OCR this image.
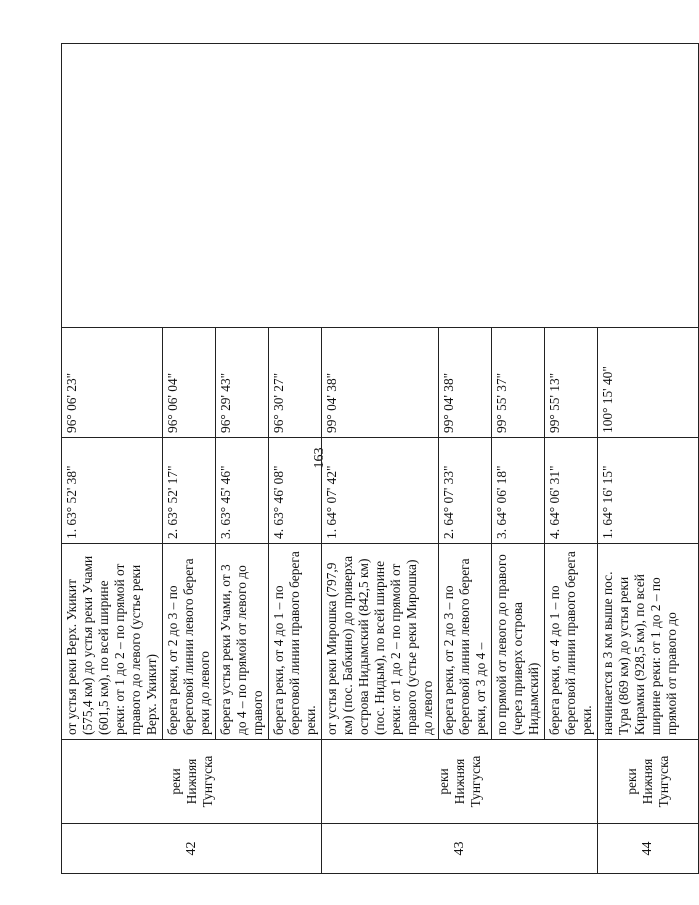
163
42	реки Нижняя Тунгуска	от устья реки Верх. Укикит (575,4 км) до устья реки Учами (601,5 км), по всей ширине реки: от 1 до 2 – по прямой от правого до левого (устье реки Верх. Укикит)	1. 63° 52' 38"	96° 06' 23"	
		берега реки, от 2 до 3 – по береговой линии левого берега реки до левого	2. 63° 52' 17"	96° 06' 04"	
		берега устья реки Учами, от 3 до 4 – по прямой от левого до правого	3. 63° 45' 46"	96° 29' 43"	
		берега реки, от 4 до 1 – по береговой линии правого берега реки.	4. 63° 46' 08"	96° 30' 27"	
43	реки Нижняя Тунгуска	от устья реки Мирошка (797,9 км) (пос. Бабкино) до приверха острова Нидымский (842,5 км) (пос. Нидым), по всей ширине реки: от 1 до 2 – по прямой от правого (устье реки Мирошка) до левого	1. 64° 07' 42"	99° 04' 38"	
		берега реки, от 2 до 3 – по береговой линии левого берега реки, от 3 до 4 –	2. 64° 07' 33"	99° 04' 38"	
		по прямой от левого до правого (через приверх острова Нидымский)	3. 64° 06' 18"	99° 55' 37"	
		берега реки, от 4 до 1 – по береговой линии правого берега реки.	4. 64° 06' 31"	99° 55' 13"	
44	реки Нижняя Тунгуска	начинается в 3 км выше пос. Тура (869 км) до устья реки Кирамки (928,5 км), по всей ширине реки: от 1 до 2 – по прямой от правого до	1. 64° 16' 15"	100° 15' 40"	
